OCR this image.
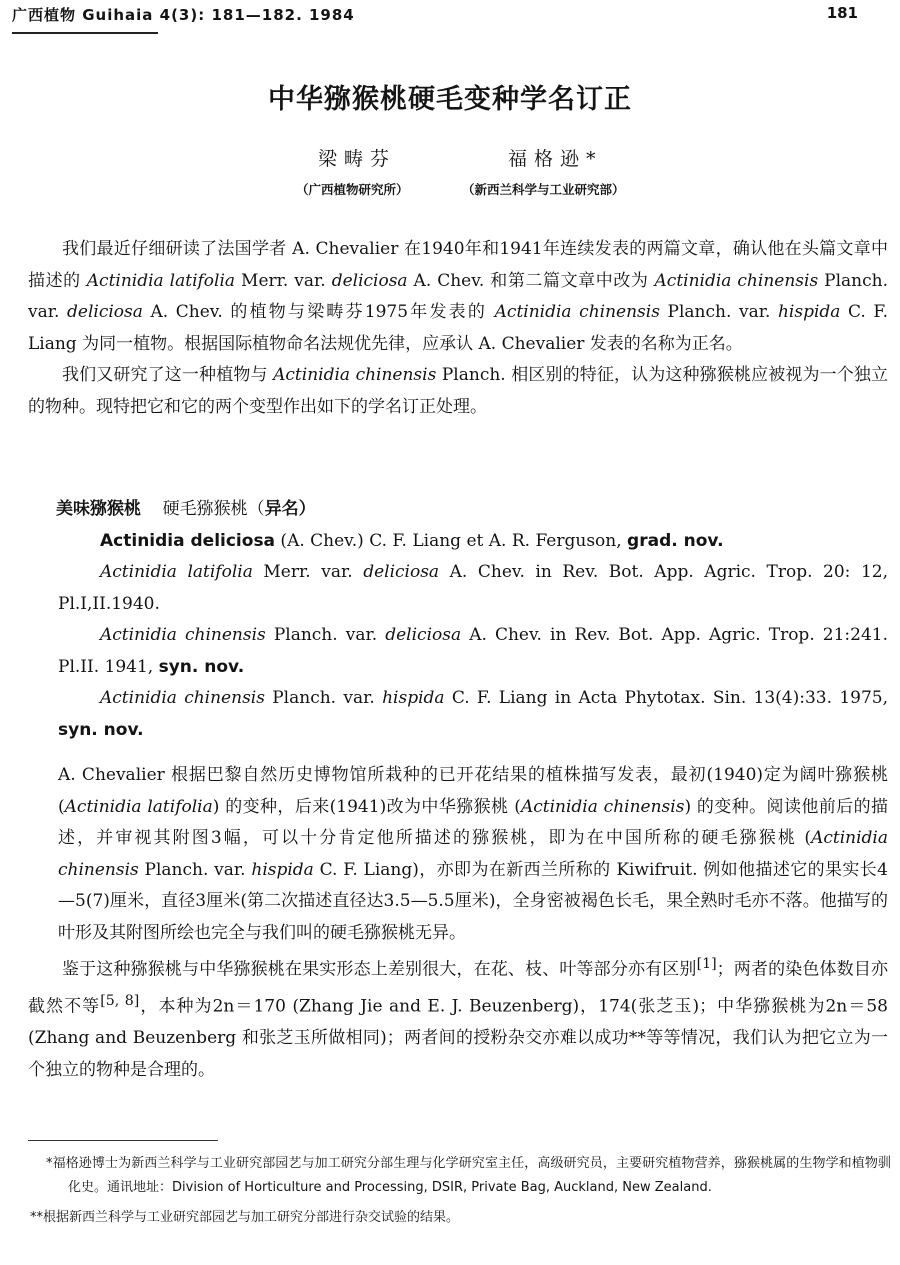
广西植物 Guihaia 4(3): 181—182. 1984	181
中华猕猴桃硬毛变种学名订正
梁畴芬	福格逊*
（广西植物研究所）	（新西兰科学与工业研究部）

我们最近仔细研读了法国学者 A. Chevalier 在1940年和1941年连续发表的两篇文章，确认他在头篇文章中描述的 Actinidia latifolia Merr. var. deliciosa A. Chev. 和第二篇文章中改为 Actinidia chinensis Planch. var. deliciosa A. Chev. 的植物与梁畴芬1975年发表的 Actinidia chinensis Planch. var. hispida C. F. Liang 为同一植物。根据国际植物命名法规优先律，应承认 A. Chevalier 发表的名称为正名。

我们又研究了这一种植物与 Actinidia chinensis Planch. 相区别的特征，认为这种猕猴桃应被视为一个独立的物种。现特把它和它的两个变型作出如下的学名订正处理。

美味猕猴桃 硬毛猕猴桃（异名）
Actinidia deliciosa (A. Chev.) C. F. Liang et A. R. Ferguson, grad. nov.
Actinidia latifolia Merr. var. deliciosa A. Chev. in Rev. Bot. App. Agric. Trop. 20: 12, Pl.I,II.1940.
Actinidia chinensis Planch. var. deliciosa A. Chev. in Rev. Bot. App. Agric. Trop. 21:241. Pl.II. 1941, syn. nov.
Actinidia chinensis Planch. var. hispida C. F. Liang in Acta Phytotax. Sin. 13(4):33. 1975, syn. nov.

A. Chevalier 根据巴黎自然历史博物馆所栽种的已开花结果的植株描写发表，最初(1940)定为阔叶猕猴桃 (Actinidia latifolia) 的变种，后来(1941)改为中华猕猴桃 (Actinidia chinensis) 的变种。阅读他前后的描述，并审视其附图3幅，可以十分肯定他所描述的猕猴桃，即为在中国所称的硬毛猕猴桃 (Actinidia chinensis Planch. var. hispida C. F. Liang)，亦即为在新西兰所称的 Kiwifruit. 例如他描述它的果实长4—5(7)厘米，直径3厘米(第二次描述直径达3.5—5.5厘米)，全身密被褐色长毛，果全熟时毛亦不落。他描写的叶形及其附图所绘也完全与我们叫的硬毛猕猴桃无异。

鉴于这种猕猴桃与中华猕猴桃在果实形态上差别很大，在花、枝、叶等部分亦有区别[1]；两者的染色体数目亦截然不等[5, 8]，本种为2n＝170 (Zhang Jie and E. J. Beuzenberg)，174(张芝玉)；中华猕猴桃为2n＝58 (Zhang and Beuzenberg 和张芝玉所做相同)；两者间的授粉杂交亦难以成功**等等情况，我们认为把它立为一个独立的物种是合理的。

*福格逊博士为新西兰科学与工业研究部园艺与加工研究分部生理与化学研究室主任，高级研究员，主要研究植物营养，猕猴桃属的生物学和植物驯化史。通讯地址：Division of Horticulture and Processing, DSIR, Private Bag, Auckland, New Zealand.

**根据新西兰科学与工业研究部园艺与加工研究分部进行杂交试验的结果。
